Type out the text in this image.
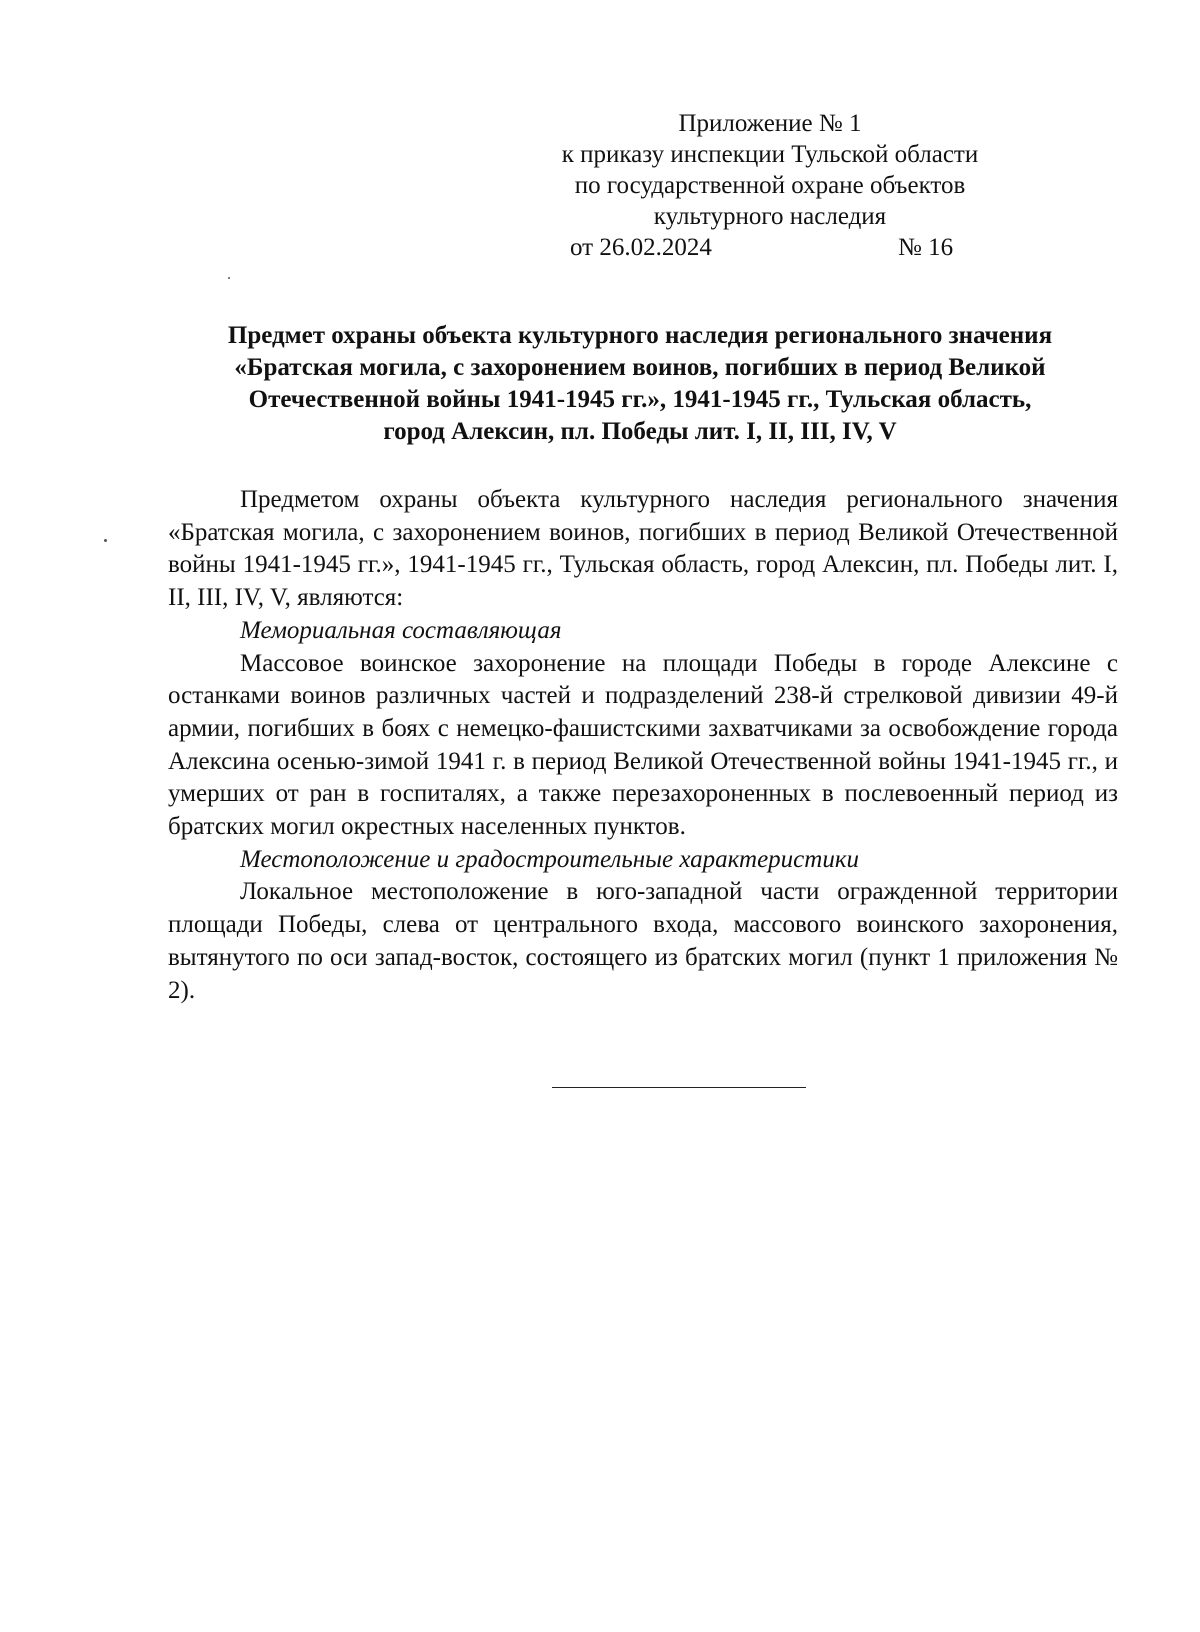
Приложение № 1
к приказу инспекции Тульской области
по государственной охране объектов
культурного наследия
от 26.02.2024	№ 16
Предмет охраны объекта культурного наследия регионального значения
«Братская могила, с захоронением воинов, погибших в период Великой
Отечественной войны 1941-1945 гг.», 1941-1945 гг., Тульская область,
город Алексин, пл. Победы лит. I, II, III, IV, V

Предметом охраны объекта культурного наследия регионального значения «Братская могила, с захоронением воинов, погибших в период Великой Отечественной войны 1941-1945 гг.», 1941-1945 гг., Тульская область, город Алексин, пл. Победы лит. I, II, III, IV, V, являются:

Мемориальная составляющая

Массовое воинское захоронение на площади Победы в городе Алексине с останками воинов различных частей и подразделений 238-й стрелковой дивизии 49-й армии, погибших в боях с немецко-фашистскими захватчиками за освобождение города Алексина осенью-зимой 1941 г. в период Великой Отечественной войны 1941-1945 гг., и умерших от ран в госпиталях, а также перезахороненных в послевоенный период из братских могил окрестных населенных пунктов.

Местоположение и градостроительные характеристики

Локальное местоположение в юго-западной части огражденной территории площади Победы, слева от центрального входа, массового воинского захоронения, вытянутого по оси запад-восток, состоящего из братских могил (пункт 1 приложения № 2).
